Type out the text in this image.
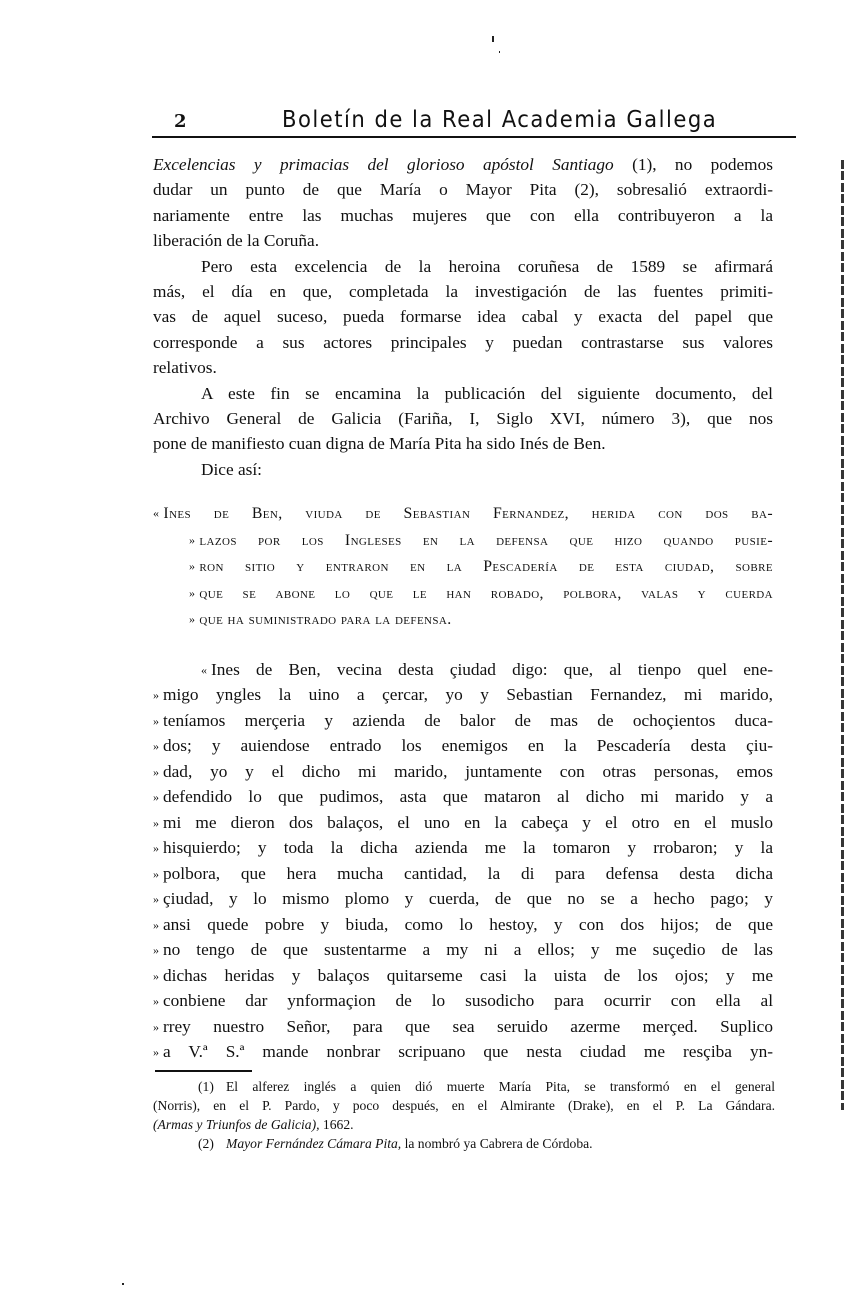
2	Boletín de la Real Academia Gallega
Excelencias y primacias del glorioso apóstol Santiago (1), no podemos
dudar un punto de que María o Mayor Pita (2), sobresalió extraordi-
nariamente entre las muchas mujeres que con ella contribuyeron a la
liberación de la Coruña.
Pero esta excelencia de la heroina coruñesa de 1589 se afirmará
más, el día en que, completada la investigación de las fuentes primiti-
vas de aquel suceso, pueda formarse idea cabal y exacta del papel que
corresponde a sus actores principales y puedan contrastarse sus valores
relativos.
A este fin se encamina la publicación del siguiente documento, del
Archivo General de Galicia (Fariña, I, Siglo XVI, número 3), que nos
pone de manifiesto cuan digna de María Pita ha sido Inés de Ben.
Dice así:
« Ines de Ben, viuda de Sebastian Fernandez, herida con dos ba-
» lazos por los Ingleses en la defensa que hizo quando pusie-
» ron sitio y entraron en la Pescadería de esta ciudad, sobre
» que se abone lo que le han robado, polbora, valas y cuerda
» que ha suministrado para la defensa.
« Ines de Ben, vecina desta çiudad digo: que, al tienpo quel ene-
» migo yngles la uino a çercar, yo y Sebastian Fernandez, mi marido,
» teníamos merçeria y azienda de balor de mas de ochoçientos duca-
» dos; y auiendose entrado los enemigos en la Pescadería desta çiu-
» dad, yo y el dicho mi marido, juntamente con otras personas, emos
» defendido lo que pudimos, asta que mataron al dicho mi marido y a
» mi me dieron dos balaços, el uno en la cabeça y el otro en el muslo
» hisquierdo; y toda la dicha azienda me la tomaron y rrobaron; y la
» polbora, que hera mucha cantidad, la di para defensa desta dicha
» çiudad, y lo mismo plomo y cuerda, de que no se a hecho pago; y
» ansi quede pobre y biuda, como lo hestoy, y con dos hijos; de que
» no tengo de que sustentarme a my ni a ellos; y me suçedio de las
» dichas heridas y balaços quitarseme casi la uista de los ojos; y me
» conbiene dar ynformaçion de lo susodicho para ocurrir con ella al
» rrey nuestro Señor, para que sea seruido azerme merçed. Suplico
» a V.ª S.ª mande nonbrar scripuano que nesta ciudad me resçiba yn-
(1) El alferez inglés a quien dió muerte María Pita, se transformó en el general
(Norris), en el P. Pardo, y poco después, en el Almirante (Drake), en el P. La Gándara.
(Armas y Triunfos de Galicia), 1662.
(2) Mayor Fernández Cámara Pita, la nombró ya Cabrera de Córdoba.
